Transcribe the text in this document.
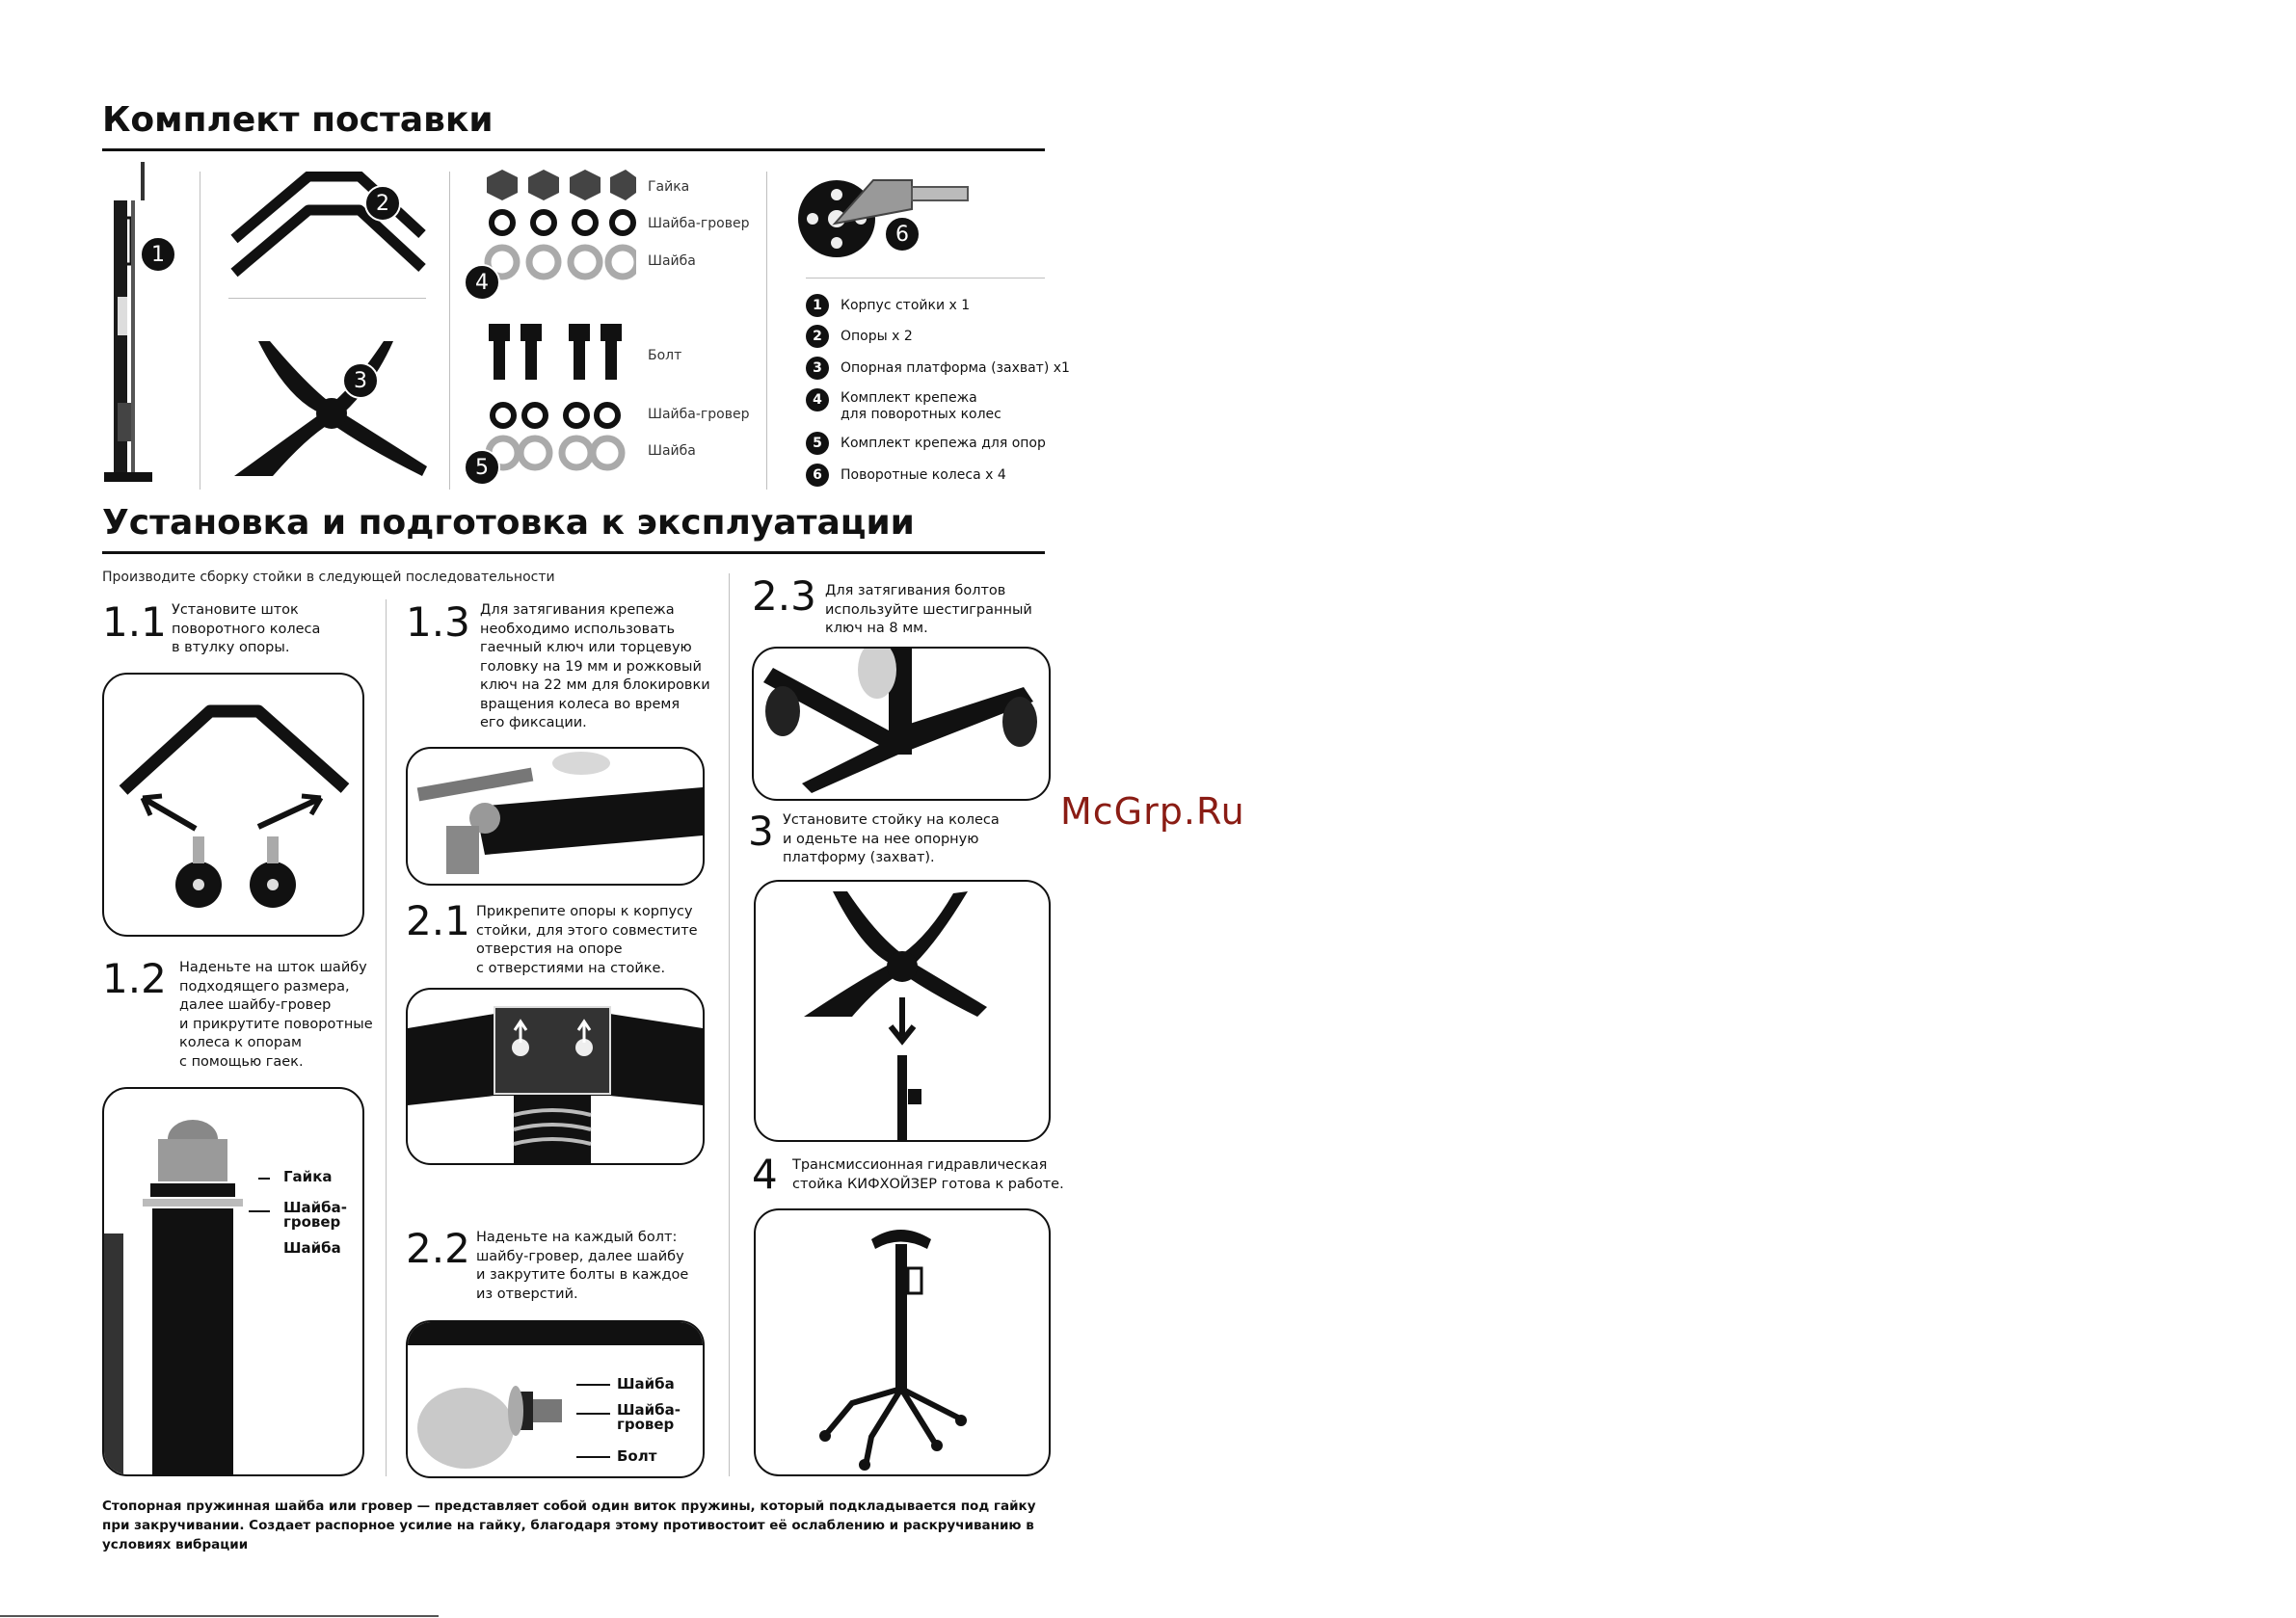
Комплект поставки
1
2
3
Гайка
Шайба-гровер
Шайба
4
Болт
Шайба-гровер
Шайба
5
6
1	Корпус стойки х 1
2	Опоры х 2
3	Опорная платформа (захват) х1
4	Комплект крепежа
для поворотных колес
5	Комплект крепежа для опор
6	Поворотные колеса х 4
Установка и подготовка к эксплуатации
Производите сборку стойки в следующей последовательности
1.1 Установите шток
поворотного колеса
в втулку опоры.
1.2 Наденьте на шток шайбу
подходящего размера,
далее шайбу-гровер
и прикрутите поворотные
колеса к опорам
с помощью гаек.
Гайка
Шайба-
гровер
Шайба
1.3 Для затягивания крепежа
необходимо использовать
гаечный ключ или торцевую
головку на 19 мм и рожковый
ключ на 22 мм для блокировки
вращения колеса во время
его фиксации.
2.1 Прикрепите опоры к корпусу
стойки, для этого совместите
отверстия на опоре
с отверстиями на стойке.
2.2 Наденьте на каждый болт:
шайбу-гровер, далее шайбу
и закрутите болты в каждое
из отверстий.
Шайба
Шайба-
гровер
Болт
2.3 Для затягивания болтов
используйте шестигранный
ключ на 8 мм.
McGrp.Ru
3 Установите стойку на колеса
и оденьте на нее опорную
платформу (захват).
4 Трансмиссионная гидравлическая
стойка КИФХОЙЗЕР готова к работе.
Стопорная пружинная шайба или гровер — представляет собой один виток пружины, который подкладывается под гайку при закручивании. Создает распорное усилие на гайку, благодаря этому противостоит её ослаблению и раскручиванию в условиях вибрации
